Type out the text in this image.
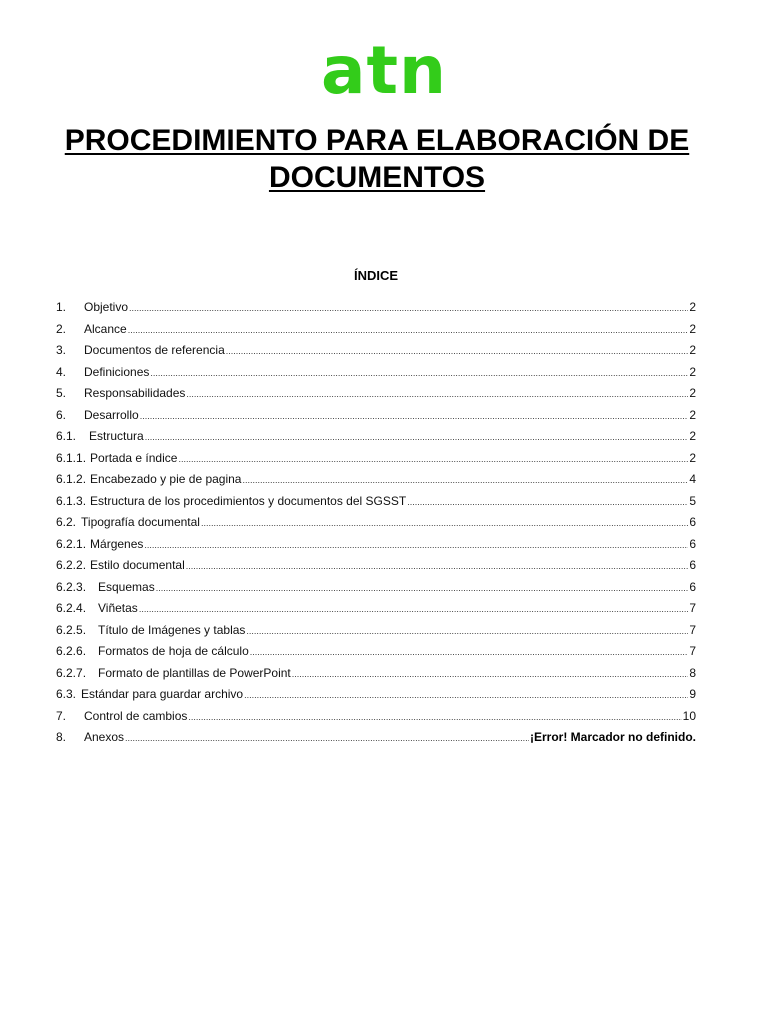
atn
PROCEDIMIENTO PARA ELABORACIÓN DE DOCUMENTOS
ÍNDICE
1.	Objetivo .....	2
2.	Alcance .....	2
3.	Documentos de referencia .....	2
4.	Definiciones .....	2
5.	Responsabilidades .....	2
6.	Desarrollo .....	2
6.1.	Estructura .....	2
6.1.1. Portada e índice .....	2
6.1.2. Encabezado y pie de pagina .....	4
6.1.3. Estructura de los procedimientos y documentos del SGSST .....	5
6.2. Tipografía documental .....	6
6.2.1. Márgenes .....	6
6.2.2. Estilo documental .....	6
6.2.3. Esquemas .....	6
6.2.4. Viñetas .....	7
6.2.5. Título de Imágenes y tablas .....	7
6.2.6. Formatos de hoja de cálculo .....	7
6.2.7. Formato de plantillas de PowerPoint .....	8
6.3. Estándar para guardar archivo .....	9
7.	Control de cambios .....	10
8.	Anexos .....	¡Error! Marcador no definido.
